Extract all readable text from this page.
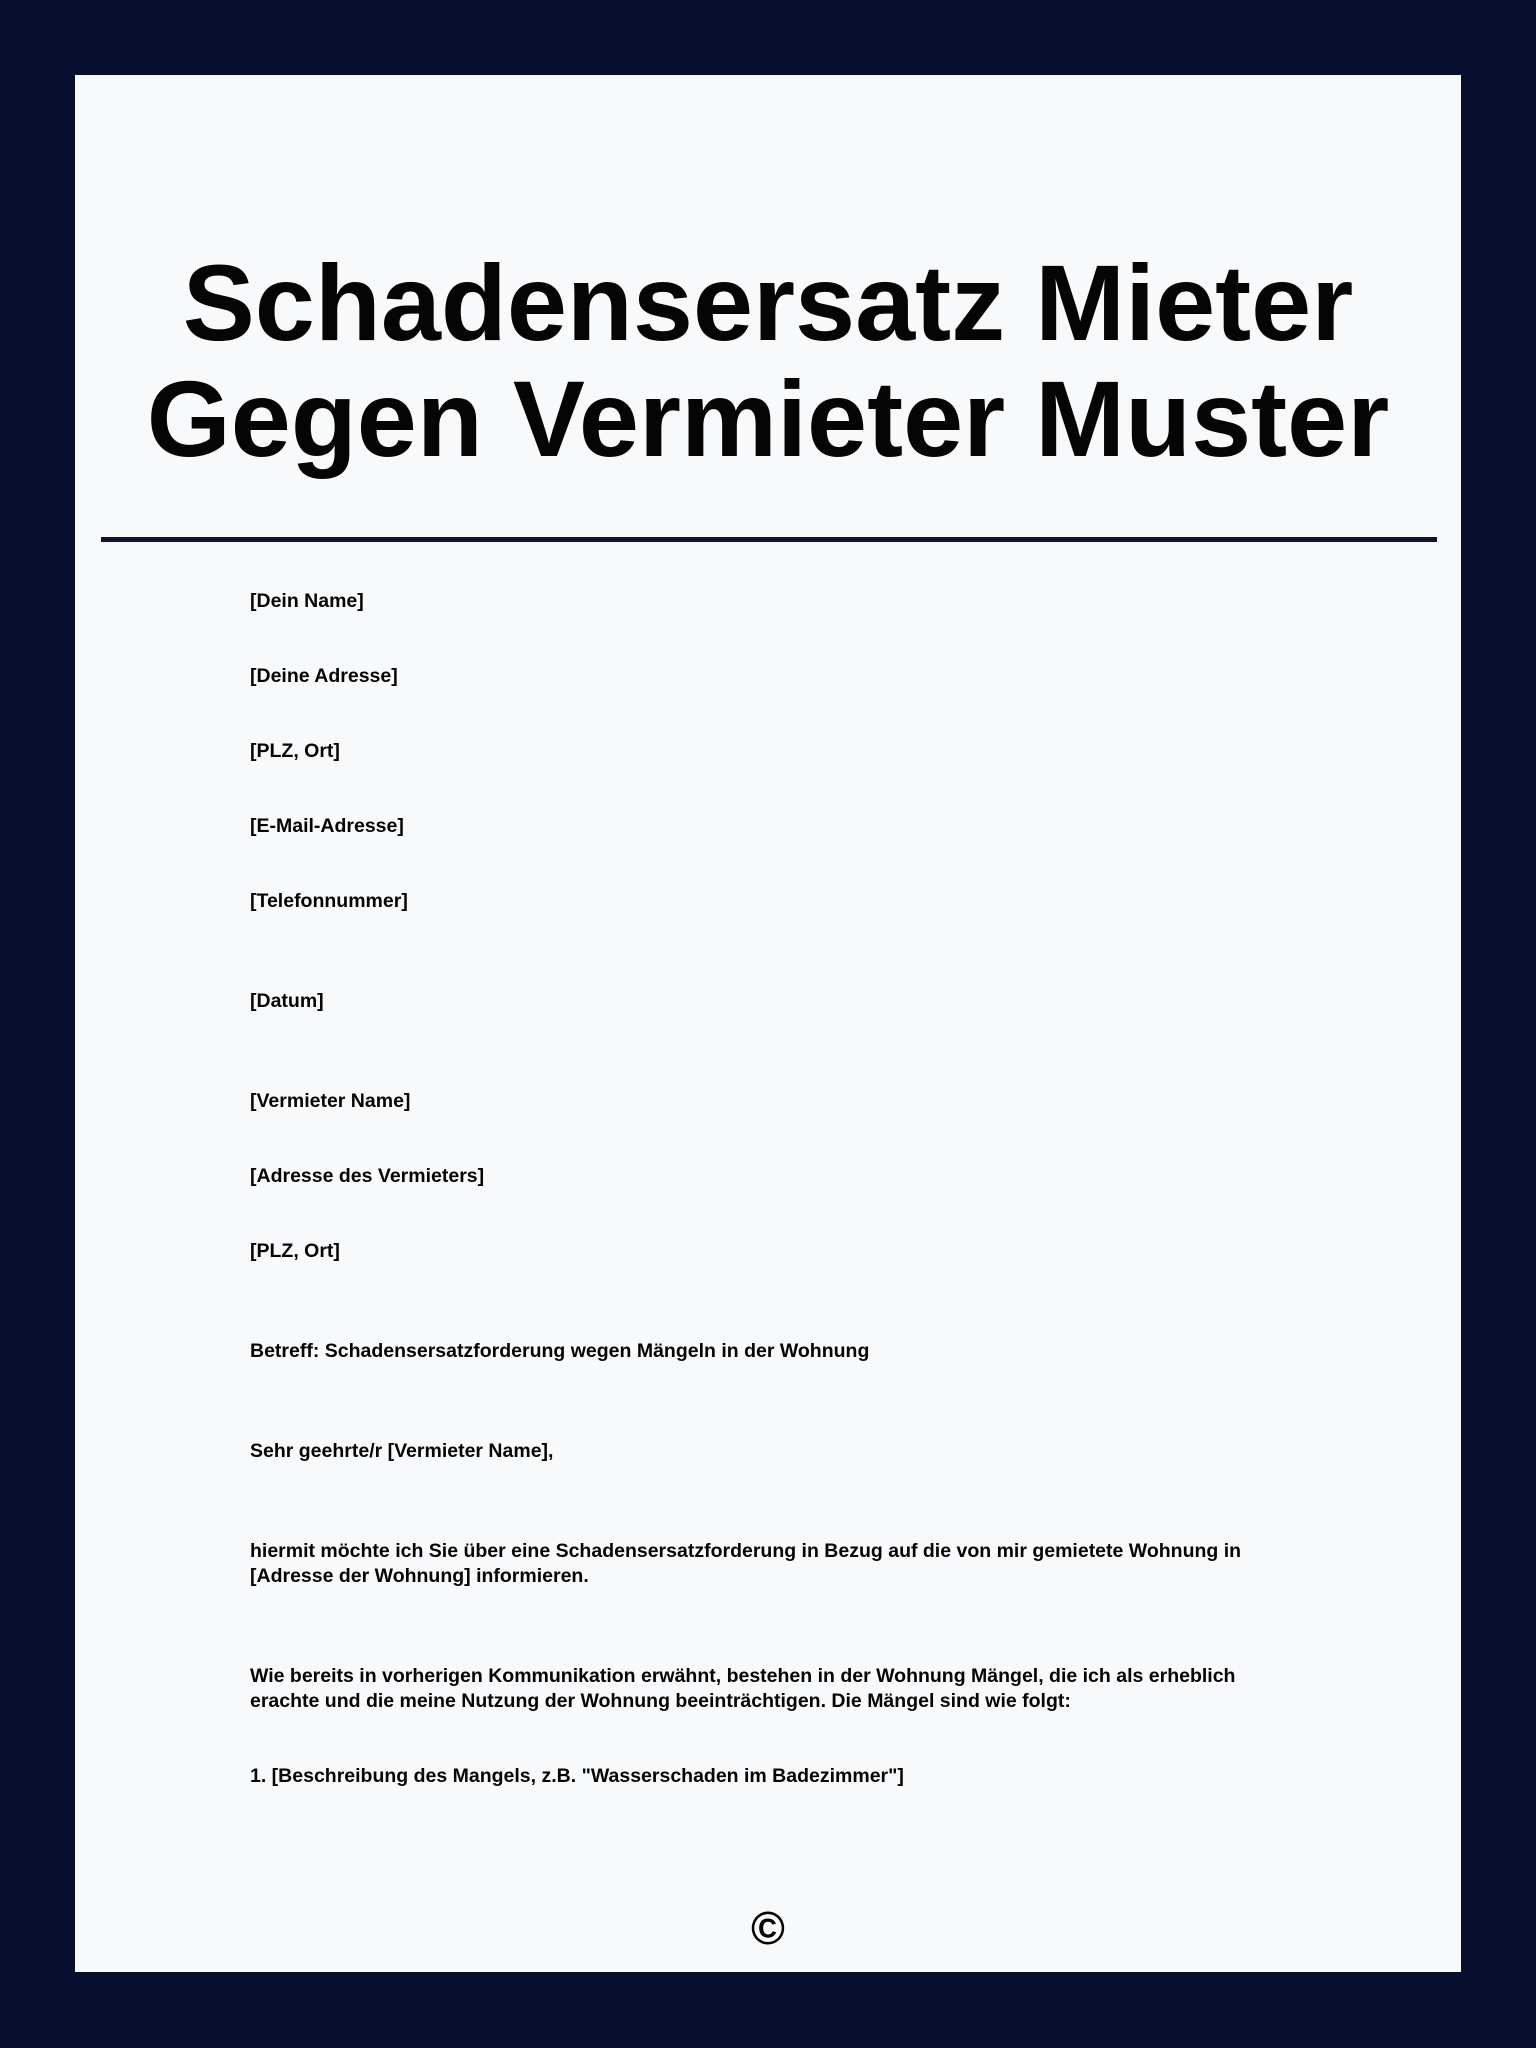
Schadensersatz Mieter Gegen Vermieter Muster

[Dein Name]

[Deine Adresse]

[PLZ, Ort]

[E-Mail-Adresse]

[Telefonnummer]

[Datum]

[Vermieter Name]

[Adresse des Vermieters]

[PLZ, Ort]

Betreff: Schadensersatzforderung wegen Mängeln in der Wohnung

Sehr geehrte/r [Vermieter Name],

hiermit möchte ich Sie über eine Schadensersatzforderung in Bezug auf die von mir gemietete Wohnung in [Adresse der Wohnung] informieren.

Wie bereits in vorherigen Kommunikation erwähnt, bestehen in der Wohnung Mängel, die ich als erheblich erachte und die meine Nutzung der Wohnung beeinträchtigen. Die Mängel sind wie folgt:

1. [Beschreibung des Mangels, z.B. "Wasserschaden im Badezimmer"]

©
